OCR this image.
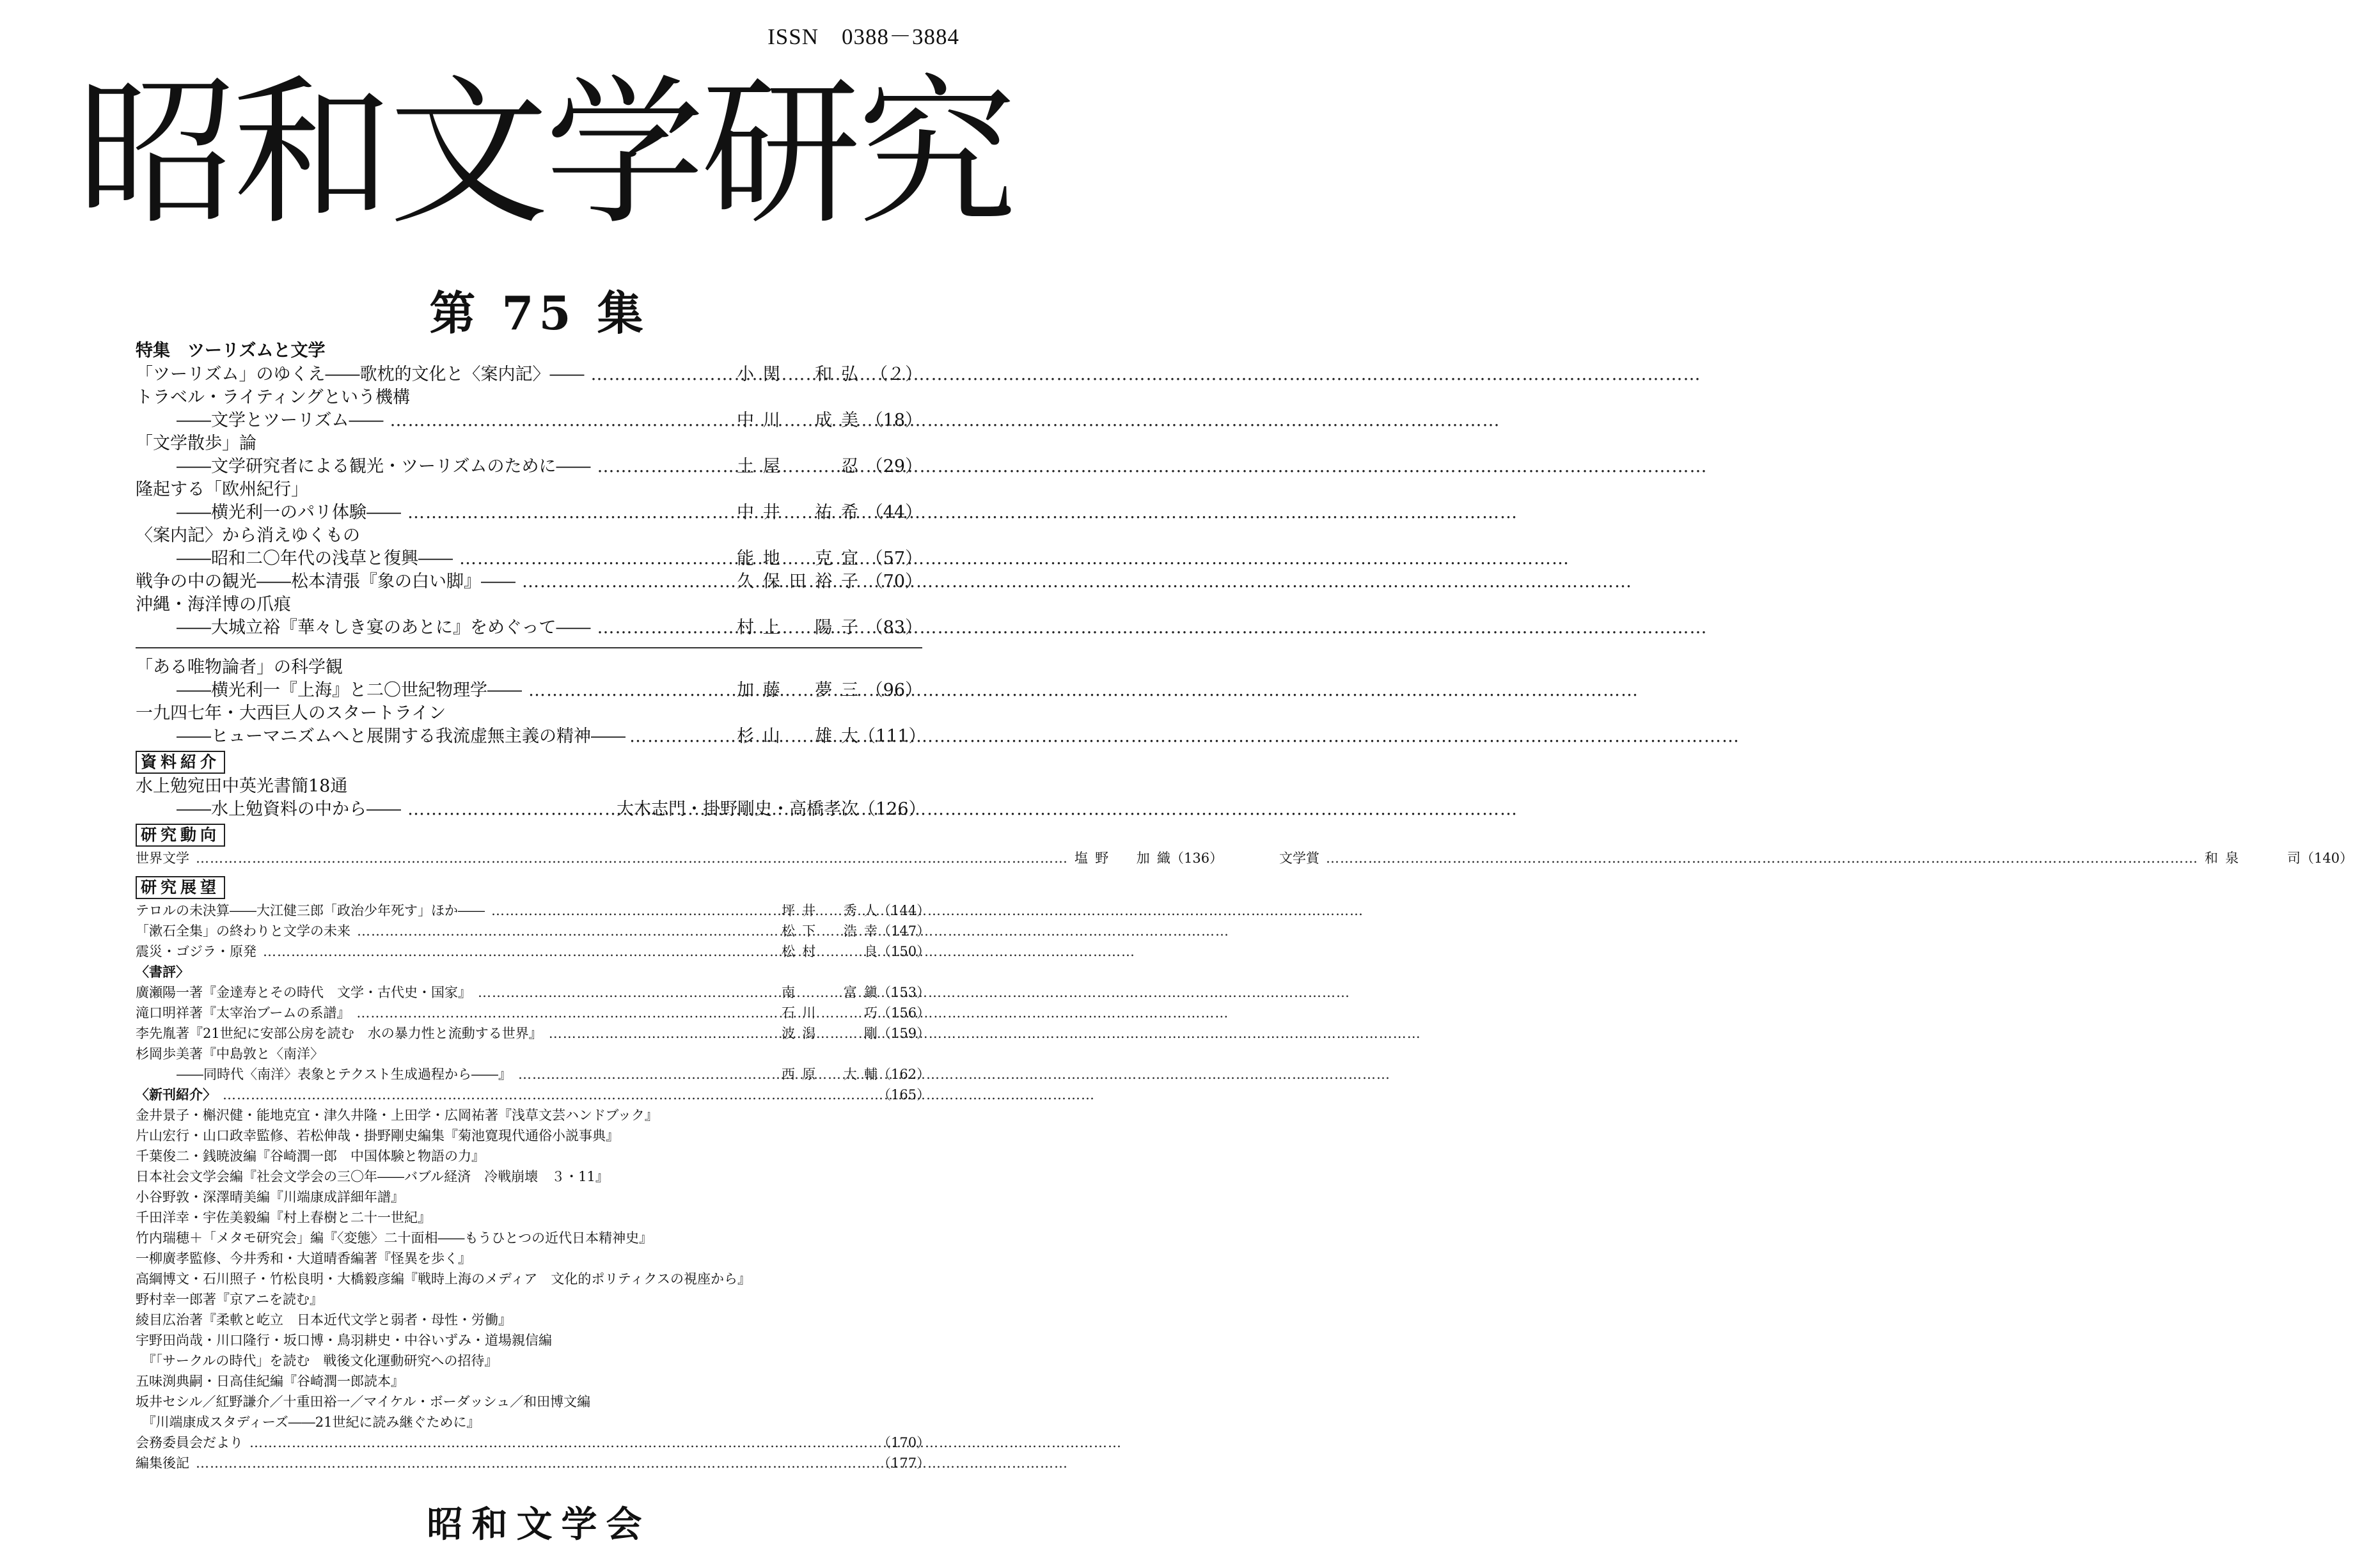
ISSN　0388－3884
昭和文学研究
第 75 集
特集　ツーリズムと文学
「ツーリズム」のゆくえ――歌枕的文化と〈案内記〉―― ……………………………………………………………………………………………………………………………………………………………………	小関　和弘 （２）
トラベル・ライティングという機構
――文学とツーリズム―― ……………………………………………………………………………………………………………………………………………………………………	中川　成美 （18）
「文学散歩」論
――文学研究者による観光・ツーリズムのために―― ……………………………………………………………………………………………………………………………………………………………………	土屋　　忍 （29）
隆起する「欧州紀行」
――横光利一のパリ体験―― ……………………………………………………………………………………………………………………………………………………………………	中井　祐希 （44）
〈案内記〉から消えゆくもの
――昭和二〇年代の浅草と復興―― ……………………………………………………………………………………………………………………………………………………………………	能地　克宜 （57）
戦争の中の観光――松本清張『象の白い脚』―― ……………………………………………………………………………………………………………………………………………………………………	久保田裕子 （70）
沖縄・海洋博の爪痕
――大城立裕『華々しき宴のあとに』をめぐって―― ……………………………………………………………………………………………………………………………………………………………………	村上　陽子 （83）
「ある唯物論者」の科学観
――横光利一『上海』と二〇世紀物理学―― ……………………………………………………………………………………………………………………………………………………………………	加藤　夢三 （96）
一九四七年・大西巨人のスタートライン
――ヒューマニズムへと展開する我流虚無主義の精神―― ……………………………………………………………………………………………………………………………………………………………………	杉山　雄大 （111）
資料紹介
水上勉宛田中英光書簡18通
――水上勉資料の中から―― ……………………………………………………………………………………………………………………………………………………………………	大木志門・掛野剛史・高橋孝次 （126）
研究動向
世界文学 ……………………………………………………………………………………………………………………………………………………………………	塩野　加織 （136）	文学賞 ……………………………………………………………………………………………………………………………………………………………………	和泉　　司 （140）
研究展望
テロルの未決算――大江健三郎「政治少年死す」ほか―― ……………………………………………………………………………………………………………………………………………………………………	坪井　秀人 （144）
「漱石全集」の終わりと文学の未来 ……………………………………………………………………………………………………………………………………………………………………	松下　浩幸 （147）
震災・ゴジラ・原発 ……………………………………………………………………………………………………………………………………………………………………	松村　　良 （150）
〈書評〉
廣瀬陽一著『金達寿とその時代　文学・古代史・国家』 ……………………………………………………………………………………………………………………………………………………………………	南　　富鎭 （153）
滝口明祥著『太宰治ブームの系譜』 ……………………………………………………………………………………………………………………………………………………………………	石川　　巧 （156）
李先胤著『21世紀に安部公房を読む　水の暴力性と流動する世界』 ……………………………………………………………………………………………………………………………………………………………………	波潟　　剛 （159）
杉岡歩美著『中島敦と〈南洋〉
――同時代〈南洋〉表象とテクスト生成過程から――』 ……………………………………………………………………………………………………………………………………………………………………	西原　大輔 （162）
〈新刊紹介〉 ……………………………………………………………………………………………………………………………………………………………………	（165）
金井景子・槲沢健・能地克宜・津久井隆・上田学・広岡祐著『浅草文芸ハンドブック』
片山宏行・山口政幸監修、若松伸哉・掛野剛史編集『菊池寛現代通俗小説事典』
千葉俊二・銭暁波編『谷崎潤一郎　中国体験と物語の力』
日本社会文学会編『社会文学会の三〇年――バブル経済　冷戦崩壊　３・11』
小谷野敦・深澤晴美編『川端康成詳細年譜』
千田洋幸・宇佐美毅編『村上春樹と二十一世紀』
竹内瑞穂＋「メタモ研究会」編『〈変態〉二十面相――もうひとつの近代日本精神史』
一柳廣孝監修、今井秀和・大道晴香編著『怪異を歩く』
高綱博文・石川照子・竹松良明・大橋毅彦編『戦時上海のメディア　文化的ポリティクスの視座から』
野村幸一郎著『京アニを読む』
綾目広治著『柔軟と屹立　日本近代文学と弱者・母性・労働』
宇野田尚哉・川口隆行・坂口博・鳥羽耕史・中谷いずみ・道場親信編
　『「サークルの時代」を読む　戦後文化運動研究への招待』
五味渕典嗣・日高佳紀編『谷崎潤一郎読本』
坂井セシル／紅野謙介／十重田裕一／マイケル・ボーダッシュ／和田博文編
　『川端康成スタディーズ――21世紀に読み継ぐために』
会務委員会だより ……………………………………………………………………………………………………………………………………………………………………	（170）
編集後記 ……………………………………………………………………………………………………………………………………………………………………	（177）
昭和文学会
